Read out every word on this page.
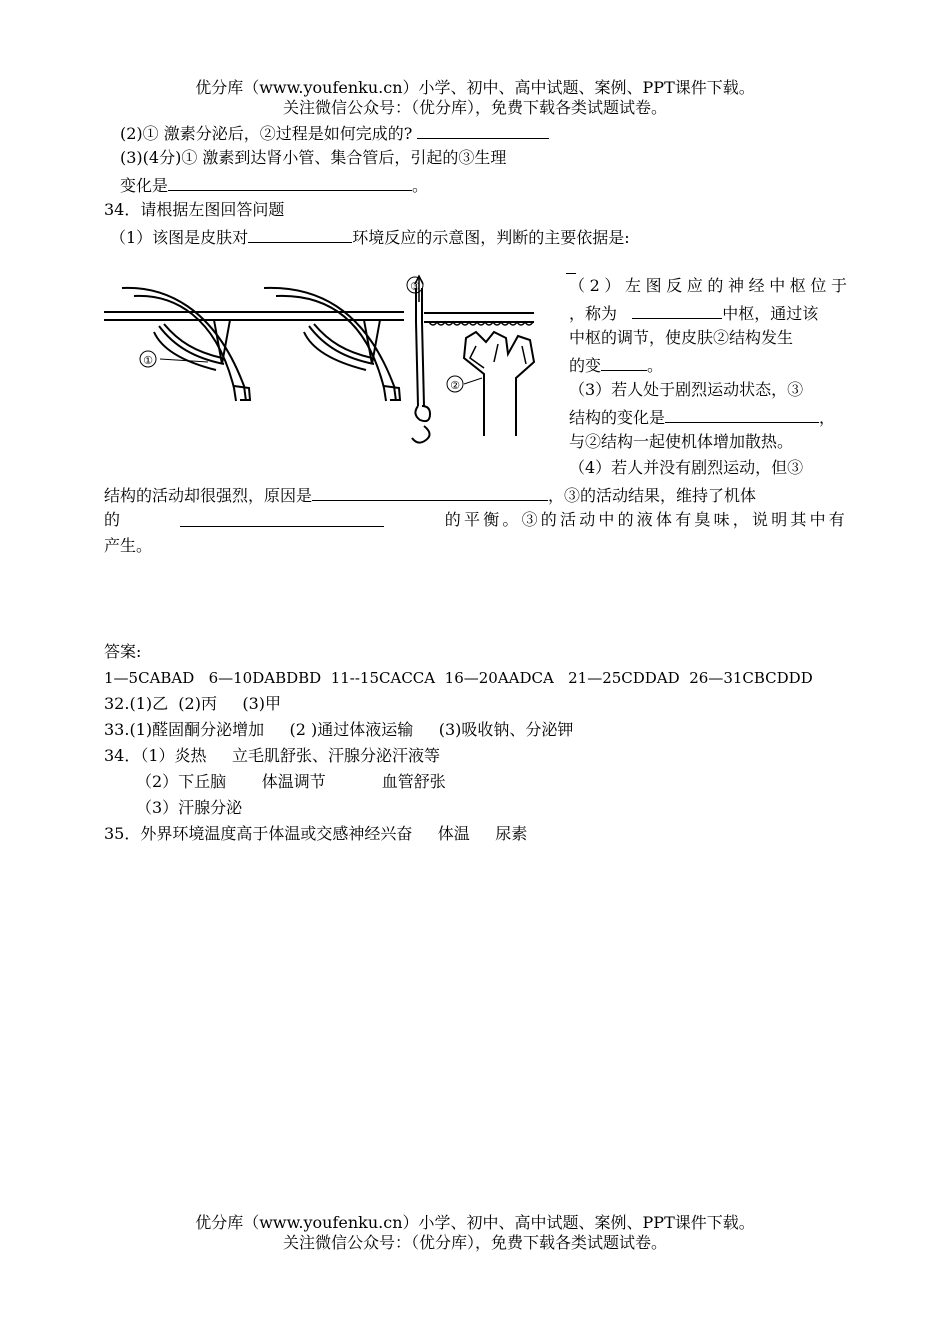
优分库（www.youfenku.cn）小学、初中、高中试题、案例、PPT课件下载。
关注微信公众号：（优分库），免费下载各类试题试卷。
(2)① 激素分泌后，②过程是如何完成的?
(3)(4分)① 激素到达肾小管、集合管后，引起的③生理
变化是	。
34．请根据左图回答问题
（1）该图是皮肤对	环境反应的示意图，判断的主要依据是:
①
②
③	（2）左图反应的神经中枢位于
，称为	中枢，通过该
中枢的调节，使皮肤②结构发生
的变	。
（3）若人处于剧烈运动状态，③
结构的变化是	，
与②结构一起使机体增加散热。
（4）若人并没有剧烈运动，但③
结构的活动却很强烈，原因是	，③的活动结果，维持了机体
的	的平衡。③的活动中的液体有臭味，说明其中有
产生。
答案:
1—5CABAD   6—10DABDBD  11--15CACCA  16—20AADCA   21—25CDDAD  26—31CBCDDD
32.(1)乙  (2)丙     (3)甲
33.(1)醛固酮分泌增加     (2 )通过体液运输     (3)吸收钠、分泌钾
34．（1）炎热     立毛肌舒张、汗腺分泌汗液等
（2）下丘脑       体温调节           血管舒张
（3）汗腺分泌
35．外界环境温度高于体温或交感神经兴奋     体温     尿素
优分库（www.youfenku.cn）小学、初中、高中试题、案例、PPT课件下载。
关注微信公众号：（优分库），免费下载各类试题试卷。
